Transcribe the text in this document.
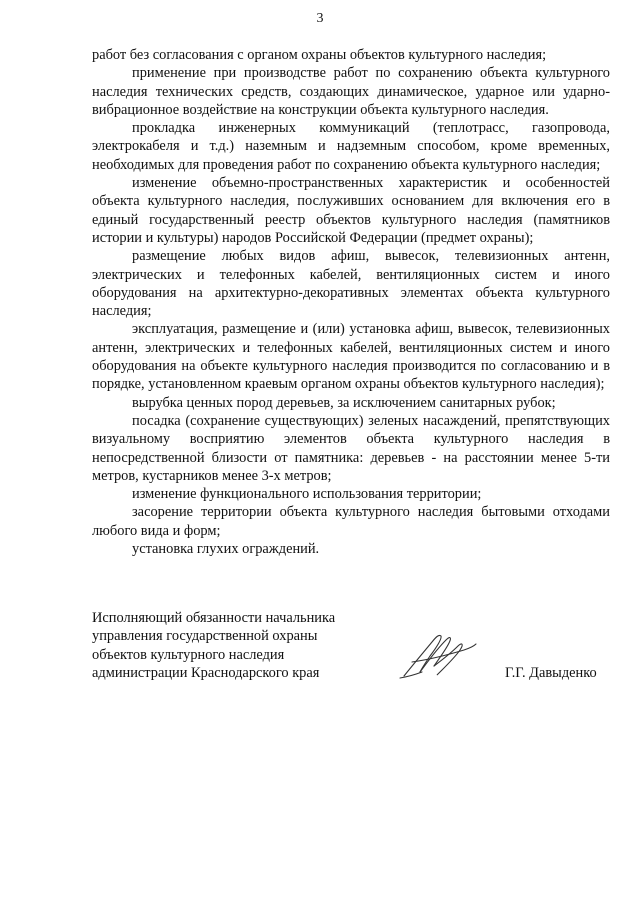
3

работ без согласования с органом охраны объектов культурного наследия;

применение при производстве работ по сохранению объекта культурного наследия технических средств, создающих динамическое, ударное или ударно-вибрационное воздействие на конструкции объекта культурного наследия.

прокладка инженерных коммуникаций (теплотрасс, газопровода, электрокабеля и т.д.) наземным и надземным способом, кроме временных, необходимых для проведения работ по сохранению объекта культурного наследия;

изменение объемно-пространственных характеристик и особенностей объекта культурного наследия, послуживших основанием для включения его в единый государственный реестр объектов культурного наследия (памятников истории и культуры) народов Российской Федерации (предмет охраны);

размещение любых видов афиш, вывесок, телевизионных антенн, электрических и телефонных кабелей, вентиляционных систем и иного оборудования на архитектурно-декоративных элементах объекта культурного наследия;

эксплуатация, размещение и (или) установка афиш, вывесок, телевизионных антенн, электрических и телефонных кабелей, вентиляционных систем и иного оборудования на объекте культурного наследия производится по согласованию и в порядке, установленном краевым органом охраны объектов культурного наследия);

вырубка ценных пород деревьев, за исключением санитарных рубок;

посадка (сохранение существующих) зеленых насаждений, препятствующих визуальному восприятию элементов объекта культурного наследия в непосредственной близости от памятника: деревьев - на расстоянии менее 5-ти метров, кустарников менее 3-х метров;

изменение функционального использования территории;

засорение территории объекта культурного наследия бытовыми отходами любого вида и форм;

установка глухих ограждений.

Исполняющий обязанности начальника
управления государственной охраны
объектов культурного наследия
администрации Краснодарского края	Г.Г. Давыденко
